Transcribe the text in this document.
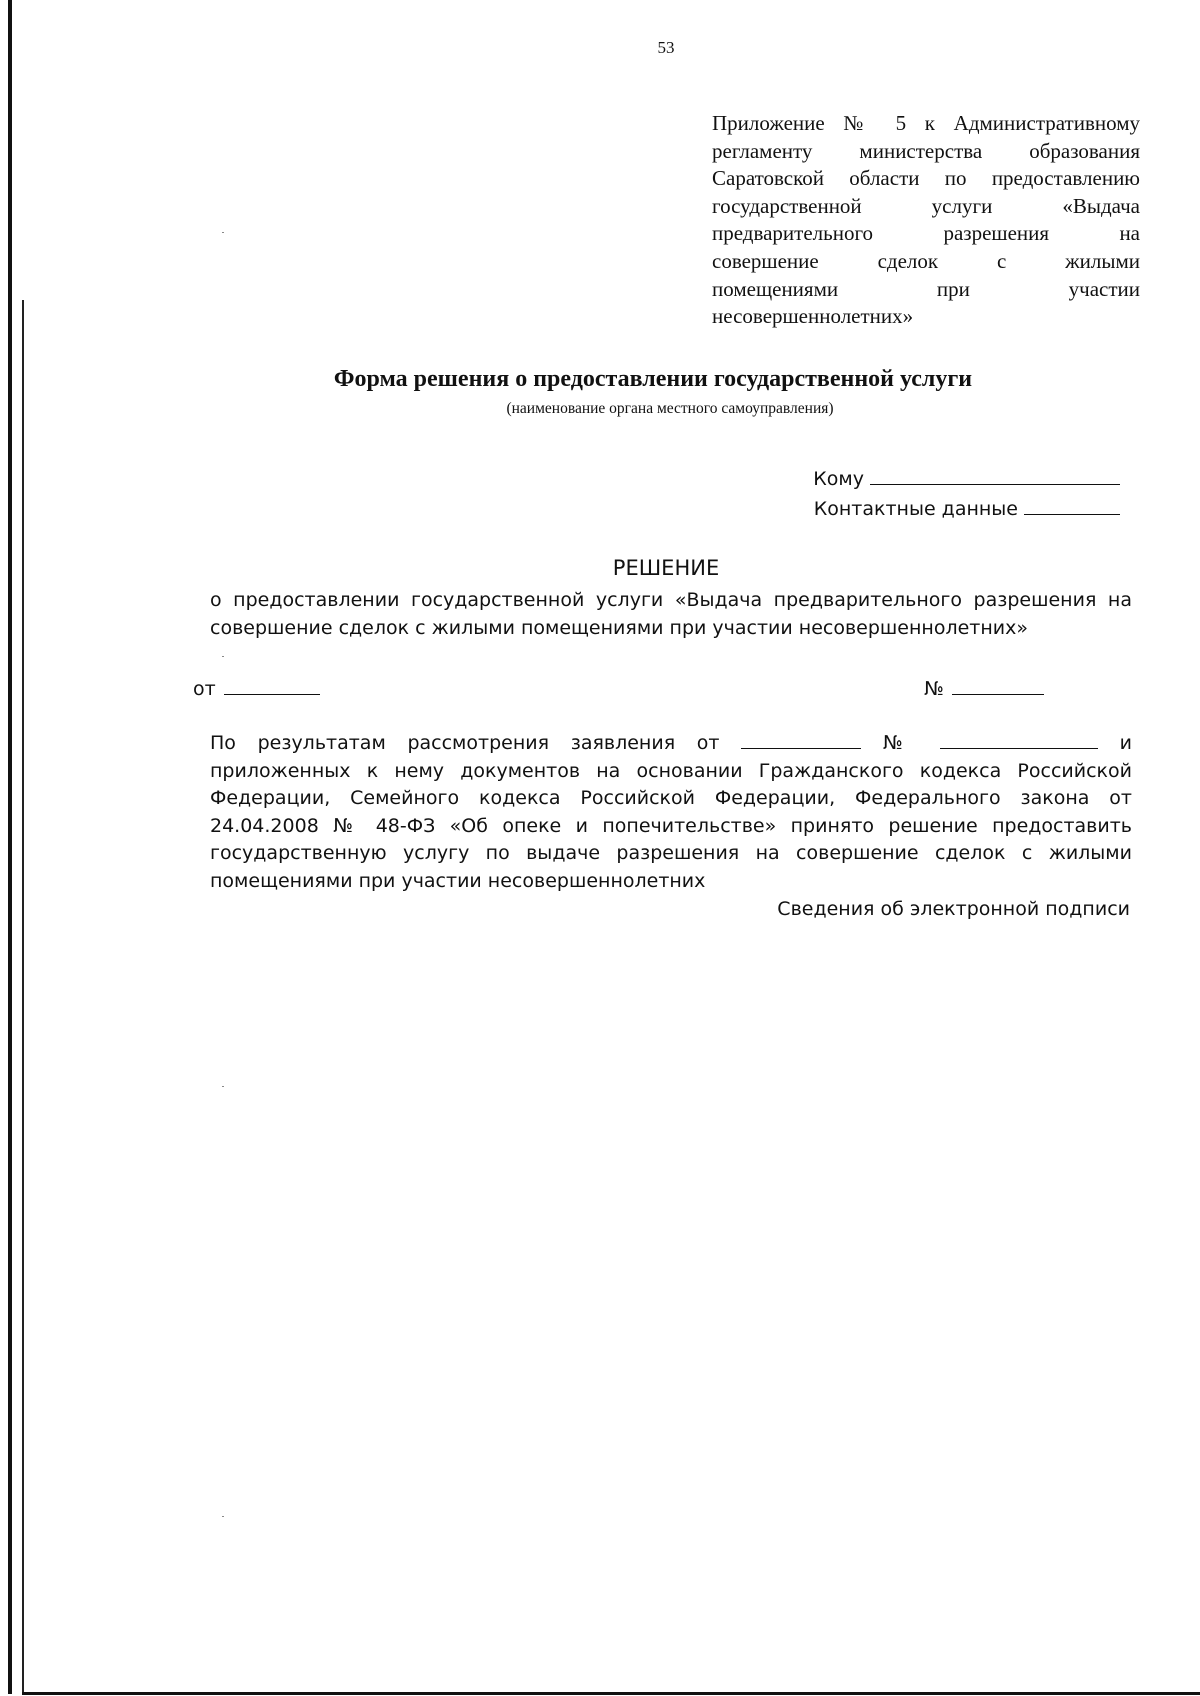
53
Приложение № 5 к Административному
регламенту министерства образования
Саратовской области по предоставлению
государственной услуги «Выдача
предварительного разрешения на
совершение сделок с жилыми
помещениями при участии
несовершеннолетних»
Форма решения о предоставлении государственной услуги
(наименование органа местного самоуправления)
Кому
Контактные данные
РЕШЕНИЕ
о предоставлении государственной услуги «Выдача предварительного разрешения на
совершение сделок с жилыми помещениями при участии несовершеннолетних»
от	№
По результатам рассмотрения заявления от	№	и
приложенных к нему документов на основании Гражданского кодекса Российской
Федерации, Семейного кодекса Российской Федерации, Федерального закона от
24.04.2008 № 48-ФЗ «Об опеке и попечительстве» принято решение предоставить
государственную услугу по выдаче разрешения на совершение сделок с жилыми
помещениями при участии несовершеннолетних
Сведения об электронной подписи
